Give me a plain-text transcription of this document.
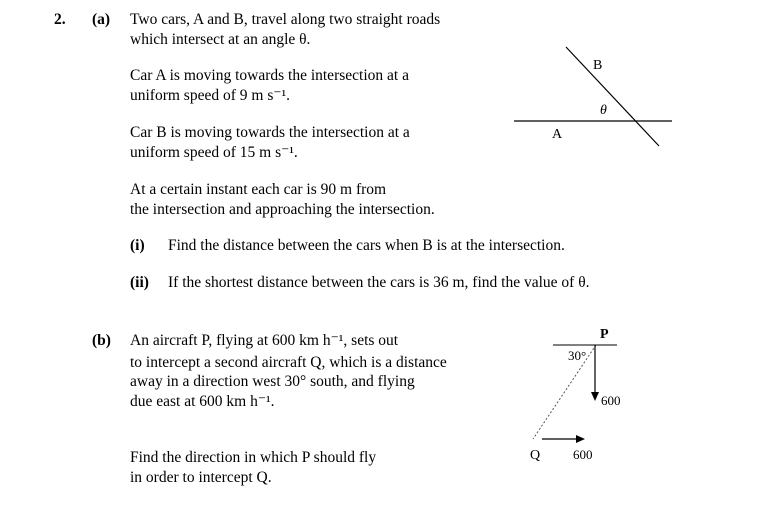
2. (a) Two cars, A and B, travel along two straight roads
which intersect at an angle θ.
Car A is moving towards the intersection at a
uniform speed of 9 m s⁻¹.
Car B is moving towards the intersection at a
uniform speed of 15 m s⁻¹.
At a certain instant each car is 90 m from
the intersection and approaching the intersection.
(i) Find the distance between the cars when B is at the intersection.
(ii) If the shortest distance between the cars is 36 m, find the value of θ.
B
A
θ
(b) An aircraft P, flying at 600 km h⁻¹, sets out
to intercept a second aircraft Q, which is a distance
away in a direction west 30° south, and flying
due east at 600 km h⁻¹.
Find the direction in which P should fly
in order to intercept Q.
P
30°
600
Q	600
